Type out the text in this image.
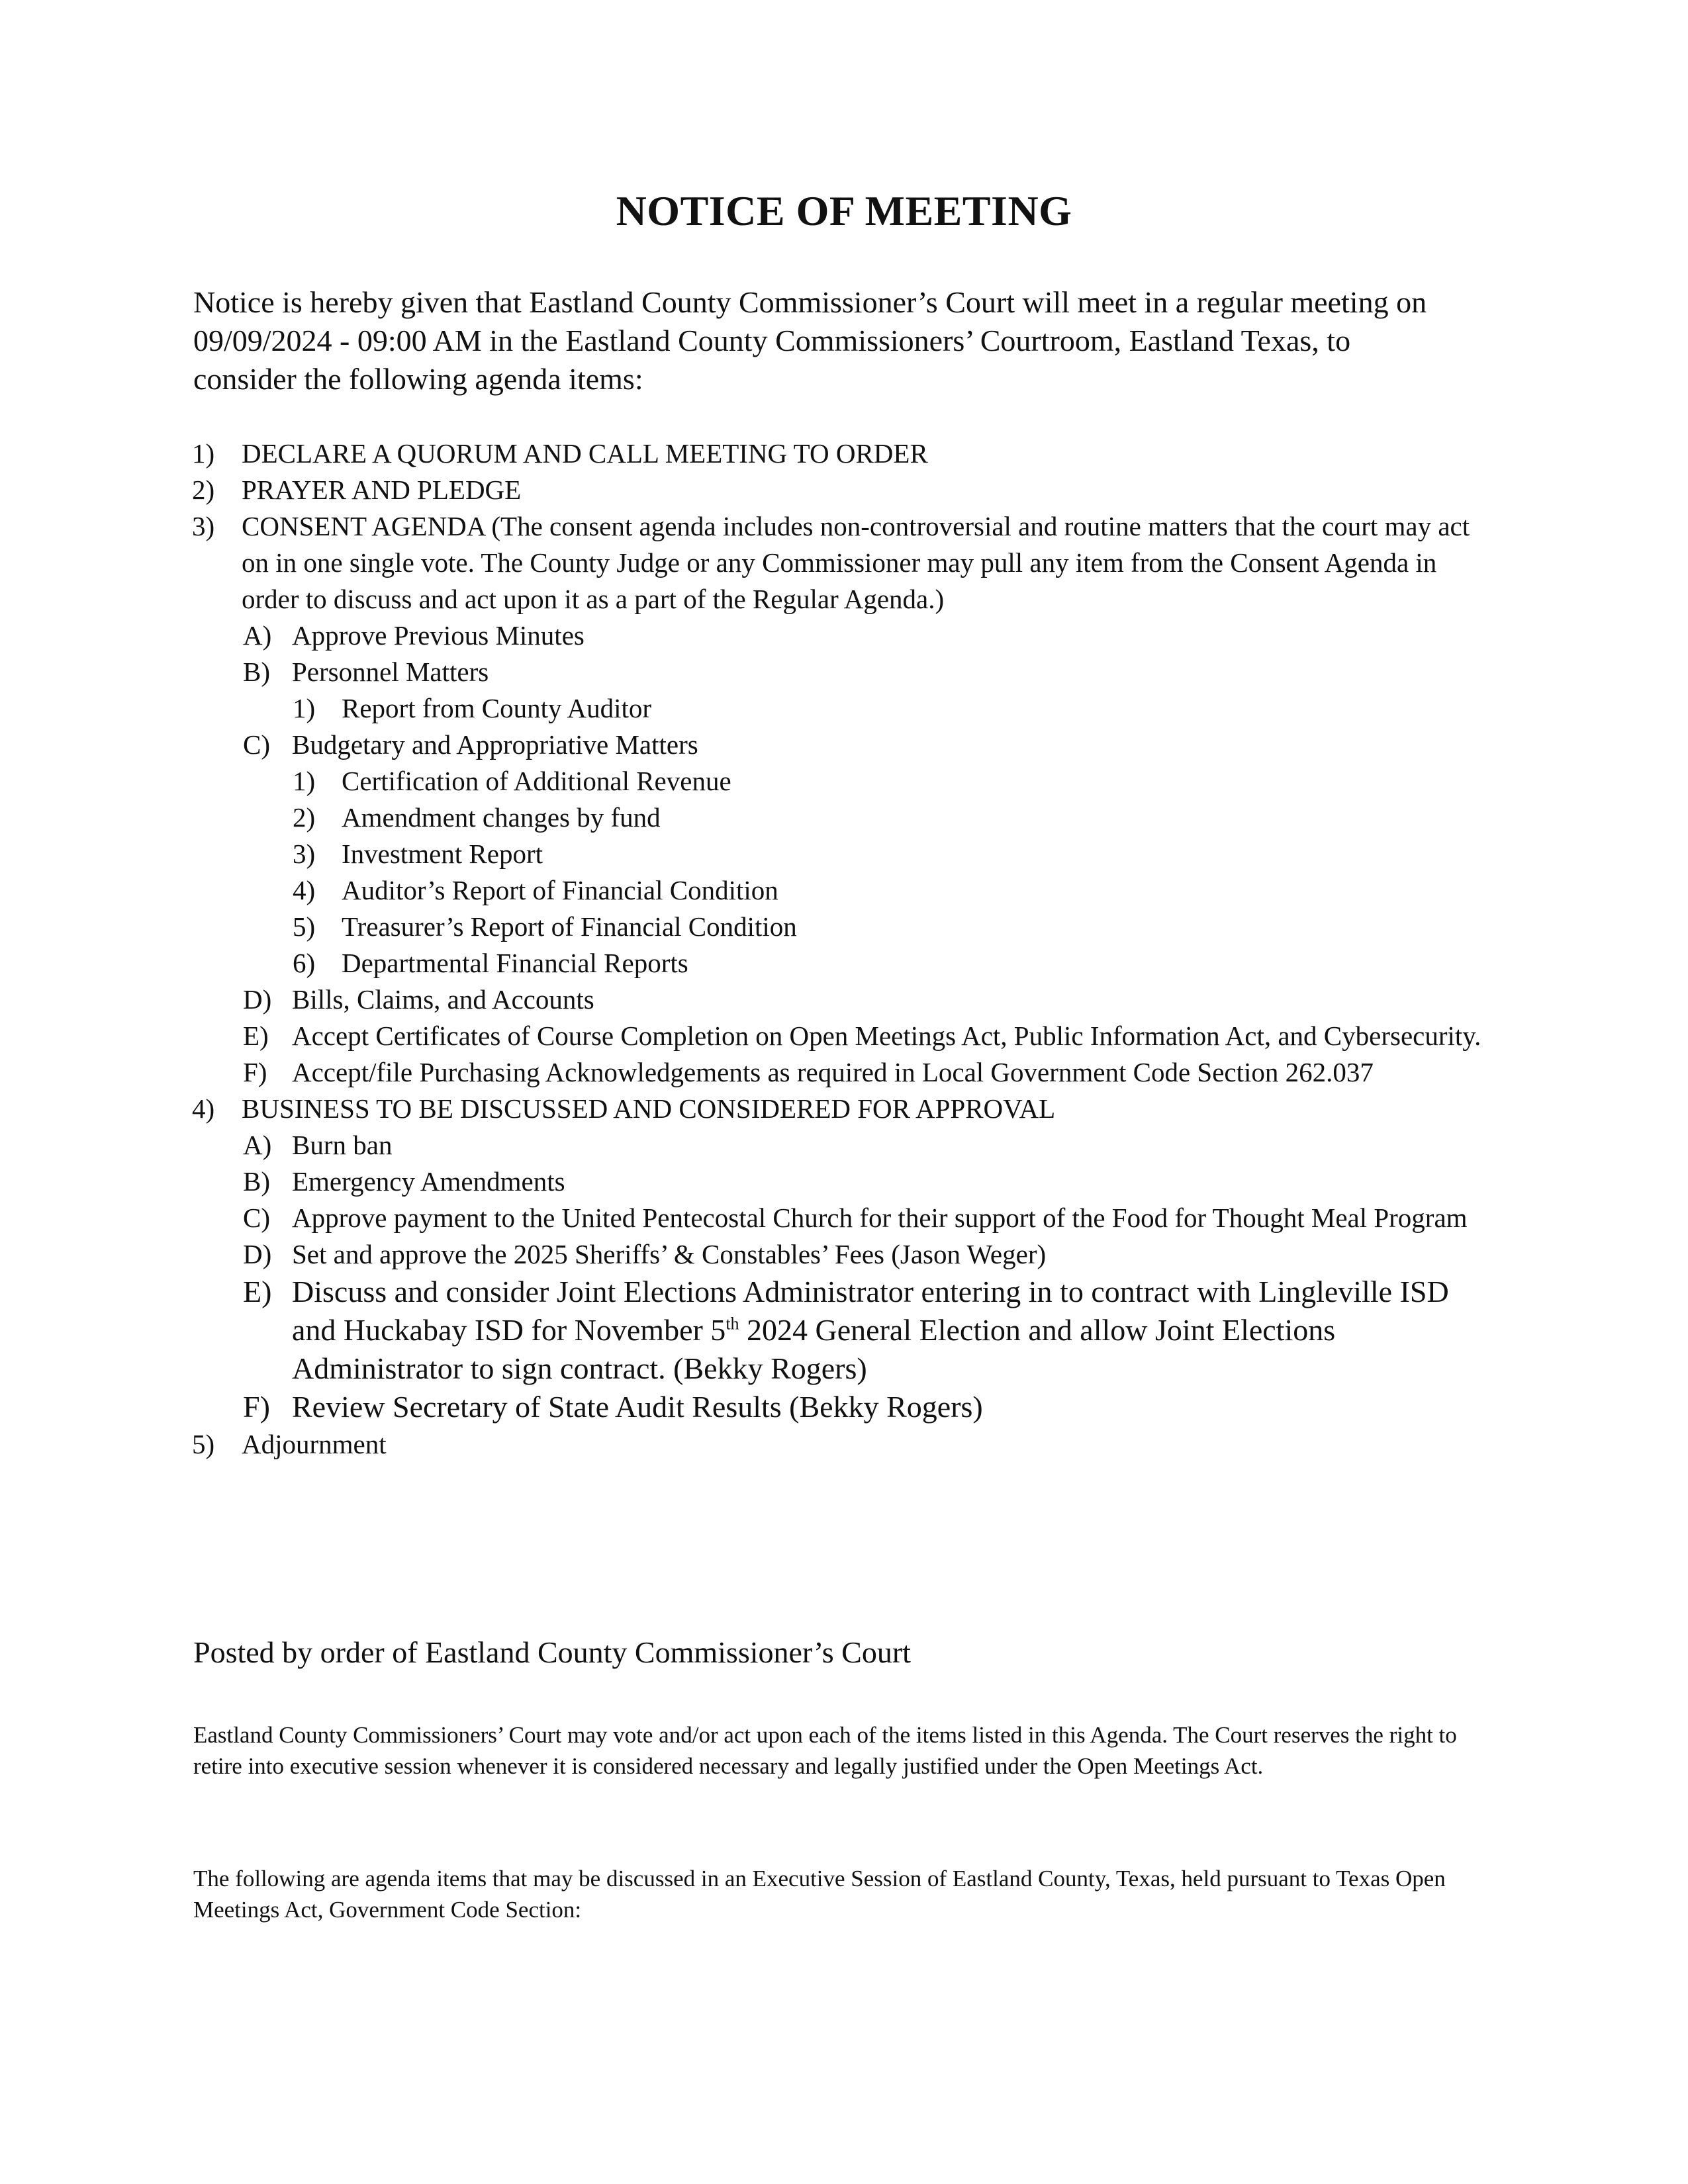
NOTICE OF MEETING

Notice is hereby given that Eastland County Commissioner’s Court will meet in a regular meeting on 09/09/2024 - 09:00 AM in the Eastland County Commissioners’ Courtroom, Eastland Texas, to consider the following agenda items:

1) DECLARE A QUORUM AND CALL MEETING TO ORDER
2) PRAYER AND PLEDGE
3) CONSENT AGENDA (The consent agenda includes non-controversial and routine matters that the court may act on in one single vote. The County Judge or any Commissioner may pull any item from the Consent Agenda in order to discuss and act upon it as a part of the Regular Agenda.)
A) Approve Previous Minutes
B) Personnel Matters
1) Report from County Auditor
C) Budgetary and Appropriative Matters
1) Certification of Additional Revenue
2) Amendment changes by fund
3) Investment Report
4) Auditor’s Report of Financial Condition
5) Treasurer’s Report of Financial Condition
6) Departmental Financial Reports
D) Bills, Claims, and Accounts
E) Accept Certificates of Course Completion on Open Meetings Act, Public Information Act, and Cybersecurity.
F) Accept/file Purchasing Acknowledgements as required in Local Government Code Section 262.037
4) BUSINESS TO BE DISCUSSED AND CONSIDERED FOR APPROVAL
A) Burn ban
B) Emergency Amendments
C) Approve payment to the United Pentecostal Church for their support of the Food for Thought Meal Program
D) Set and approve the 2025 Sheriffs’ & Constables’ Fees (Jason Weger)
E) Discuss and consider Joint Elections Administrator entering in to contract with Lingleville ISD and Huckabay ISD for November 5th 2024 General Election and allow Joint Elections Administrator to sign contract. (Bekky Rogers)
F) Review Secretary of State Audit Results (Bekky Rogers)
5) Adjournment

Posted by order of Eastland County Commissioner’s Court

Eastland County Commissioners’ Court may vote and/or act upon each of the items listed in this Agenda. The Court reserves the right to retire into executive session whenever it is considered necessary and legally justified under the Open Meetings Act.

The following are agenda items that may be discussed in an Executive Session of Eastland County, Texas, held pursuant to Texas Open Meetings Act, Government Code Section:
